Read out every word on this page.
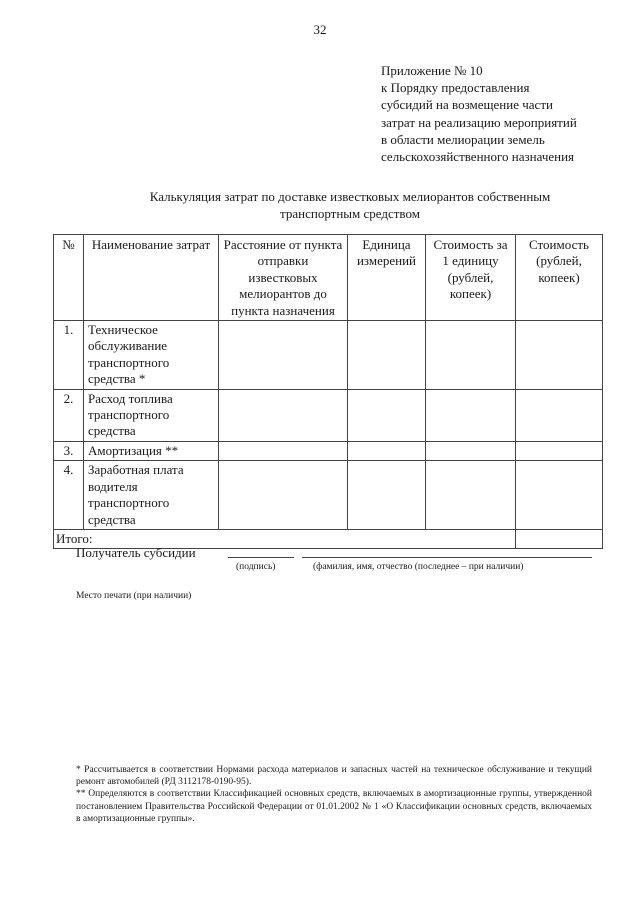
32
Приложение № 10
к Порядку предоставления
субсидий на возмещение части
затрат на реализацию мероприятий
в области мелиорации земель
сельскохозяйственного назначения
Калькуляция затрат по доставке известковых мелиорантов собственным
транспортным средством
№	Наименование затрат	Расстояние от пункта отправки известковых мелиорантов до пункта назначения	Единица измерений	Стоимость за 1 единицу (рублей, копеек)	Стоимость (рублей, копеек)
1.	Техническое обслуживание транспортного средства *				
2.	Расход топлива транспортного средства				
3.	Амортизация **				
4.	Заработная плата водителя транспортного средства				
Итого:					
Получатель субсидии
(подпись)	(фамилия, имя, отчество (последнее – при наличии)
Место печати (при наличии)

* Рассчитывается в соответствии Нормами расхода материалов и запасных частей на техническое обслуживание и текущий ремонт автомобилей (РД 3112178-0190-95).

** Определяются в соответствии Классификацией основных средств, включаемых в амортизационные группы, утвержденной постановлением Правительства Российской Федерации от 01.01.2002 № 1 «О Классификации основных средств, включаемых в амортизационные группы».
